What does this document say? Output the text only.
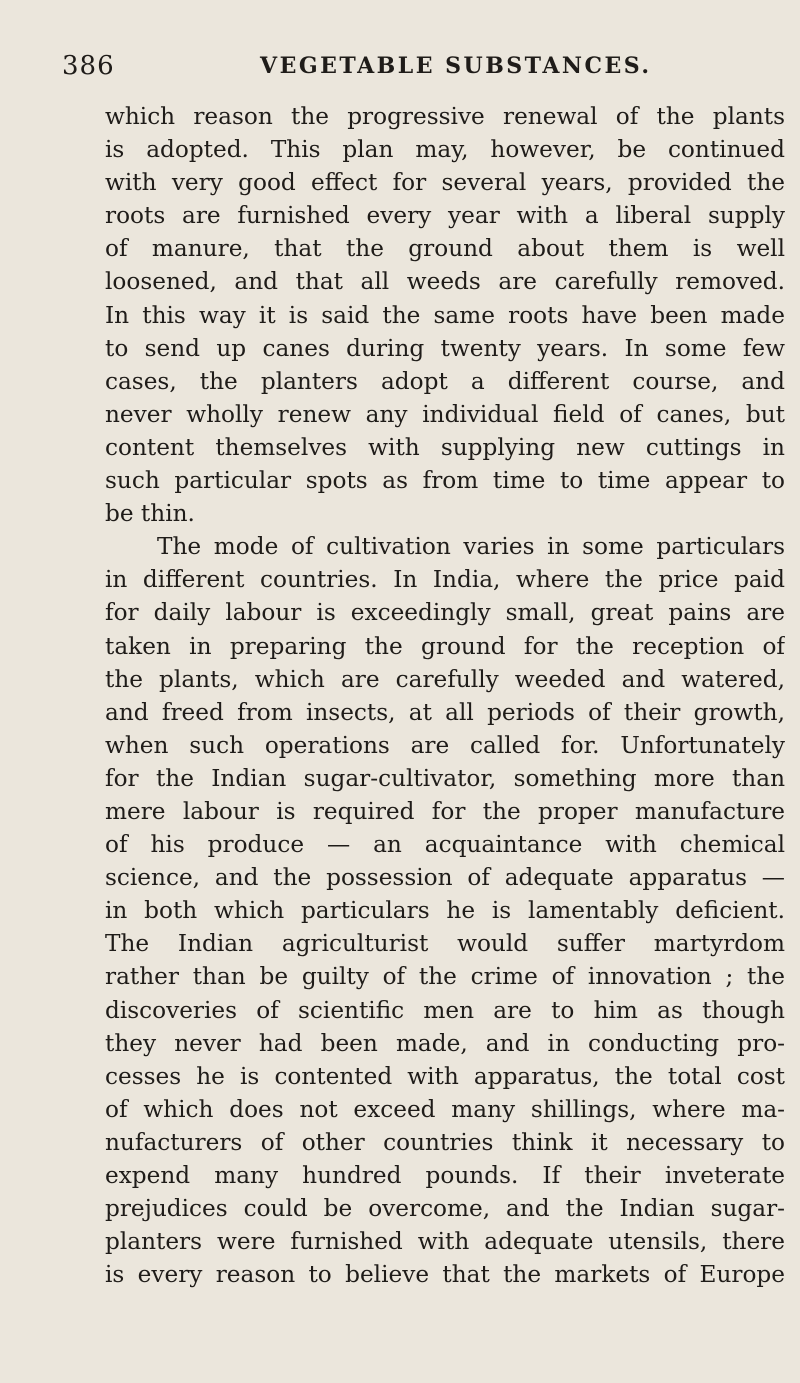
386	VEGETABLE SUBSTANCES.
which reason the progressive renewal of the plants
is adopted. This plan may, however, be continued
with very good effect for several years, provided the
roots are furnished every year with a liberal supply
of manure, that the ground about them is well
loosened, and that all weeds are carefully removed.
In this way it is said the same roots have been made
to send up canes during twenty years. In some few
cases, the planters adopt a different course, and
never wholly renew any individual field of canes, but
content themselves with supplying new cuttings in
such particular spots as from time to time appear to
be thin.
The mode of cultivation varies in some particulars
in different countries. In India, where the price paid
for daily labour is exceedingly small, great pains are
taken in preparing the ground for the reception of
the plants, which are carefully weeded and watered,
and freed from insects, at all periods of their growth,
when such operations are called for. Unfortunately
for the Indian sugar-cultivator, something more than
mere labour is required for the proper manufacture
of his produce — an acquaintance with chemical
science, and the possession of adequate apparatus —
in both which particulars he is lamentably deficient.
The Indian agriculturist would suffer martyrdom
rather than be guilty of the crime of innovation ; the
discoveries of scientific men are to him as though
they never had been made, and in conducting pro-
cesses he is contented with apparatus, the total cost
of which does not exceed many shillings, where ma-
nufacturers of other countries think it necessary to
expend many hundred pounds. If their inveterate
prejudices could be overcome, and the Indian sugar-
planters were furnished with adequate utensils, there
is every reason to believe that the markets of Europe
